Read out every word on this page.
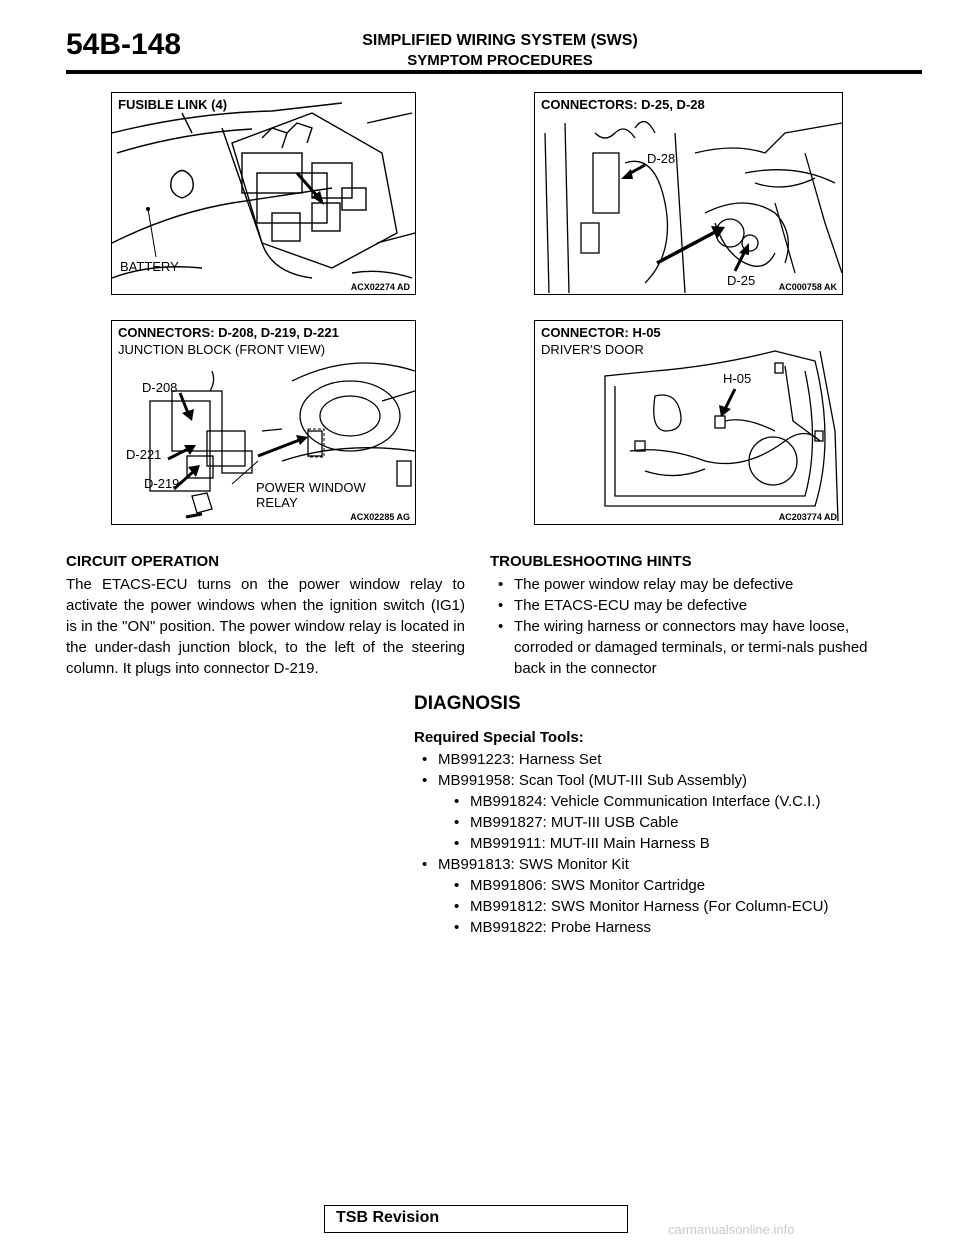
54B-148	SIMPLIFIED WIRING SYSTEM (SWS)
SYMPTOM PROCEDURES
FUSIBLE LINK (4)
BATTERY
ACX02274 AD
CONNECTORS: D-25, D-28
D-28
D-25	AC000758 AK
CONNECTORS: D-208, D-219, D-221
JUNCTION BLOCK (FRONT VIEW)
D-208
D-221
D-219	POWER WINDOW
RELAY
ACX02285 AG
CONNECTOR: H-05
DRIVER'S DOOR
H-05
AC203774 AD
CIRCUIT OPERATION
The ETACS-ECU turns on the power window relay to activate the power windows when the ignition switch (IG1) is in the "ON" position. The power window relay is located in the under-dash junction block, to the left of the steering column. It plugs into connector D-219.
TROUBLESHOOTING HINTS
• The power window relay may be defective
• The ETACS-ECU may be defective
• The wiring harness or connectors may have loose, corroded or damaged terminals, or termi-nals pushed back in the connector
DIAGNOSIS
Required Special Tools:
• MB991223: Harness Set
• MB991958: Scan Tool (MUT-III Sub Assembly)
• MB991824: Vehicle Communication Interface (V.C.I.)
• MB991827: MUT-III USB Cable
• MB991911: MUT-III Main Harness B
• MB991813: SWS Monitor Kit
• MB991806: SWS Monitor Cartridge
• MB991812: SWS Monitor Harness (For Column-ECU)
• MB991822: Probe Harness
TSB Revision
carmanualsonline.info
